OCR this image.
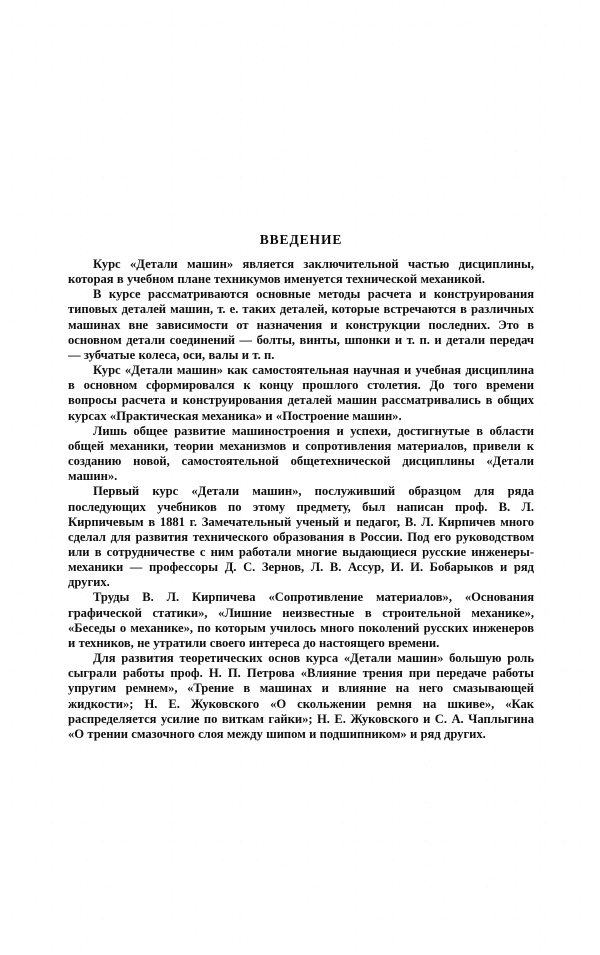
ВВЕДЕНИЕ

Курс «Детали машин» является заключительной частью дисциплины, которая в учебном плане техникумов именуется технической механикой.

В курсе рассматриваются основные методы расчета и конструирования типовых деталей машин, т. е. таких деталей, которые встречаются в различных машинах вне зависимости от назначения и конструкции последних. Это в основном детали соединений — болты, винты, шпонки и т. п. и детали передач — зубчатые колеса, оси, валы и т. п.

Курс «Детали машин» как самостоятельная научная и учебная дисциплина в основном сформировался к концу прошлого столетия. До того времени вопросы расчета и конструирования деталей машин рассматривались в общих курсах «Практическая механика» и «Построение машин».

Лишь общее развитие машиностроения и успехи, достигнутые в области общей механики, теории механизмов и сопротивления материалов, привели к созданию новой, самостоятельной общетехнической дисциплины «Детали машин».

Первый курс «Детали машин», послуживший образцом для ряда последующих учебников по этому предмету, был написан проф. В. Л. Кирпичевым в 1881 г. Замечательный ученый и педагог, В. Л. Кирпичев много сделал для развития технического образования в России. Под его руководством или в сотрудничестве с ним работали многие выдающиеся русские инженеры-механики — профессоры Д. С. Зернов, Л. В. Ассур, И. И. Бобарыков и ряд других.

Труды В. Л. Кирпичева «Сопротивление материалов», «Основания графической статики», «Лишние неизвестные в строительной механике», «Беседы о механике», по которым училось много поколений русских инженеров и техников, не утратили своего интереса до настоящего времени.

Для развития теоретических основ курса «Детали машин» большую роль сыграли работы проф. Н. П. Петрова «Влияние трения при передаче работы упругим ремнем», «Трение в машинах и влияние на него смазывающей жидкости»; Н. Е. Жуковского «О скольжении ремня на шкиве», «Как распределяется усилие по виткам гайки»; Н. Е. Жуковского и С. А. Чаплыгина «О трении смазочного слоя между шипом и подшипником» и ряд других.
